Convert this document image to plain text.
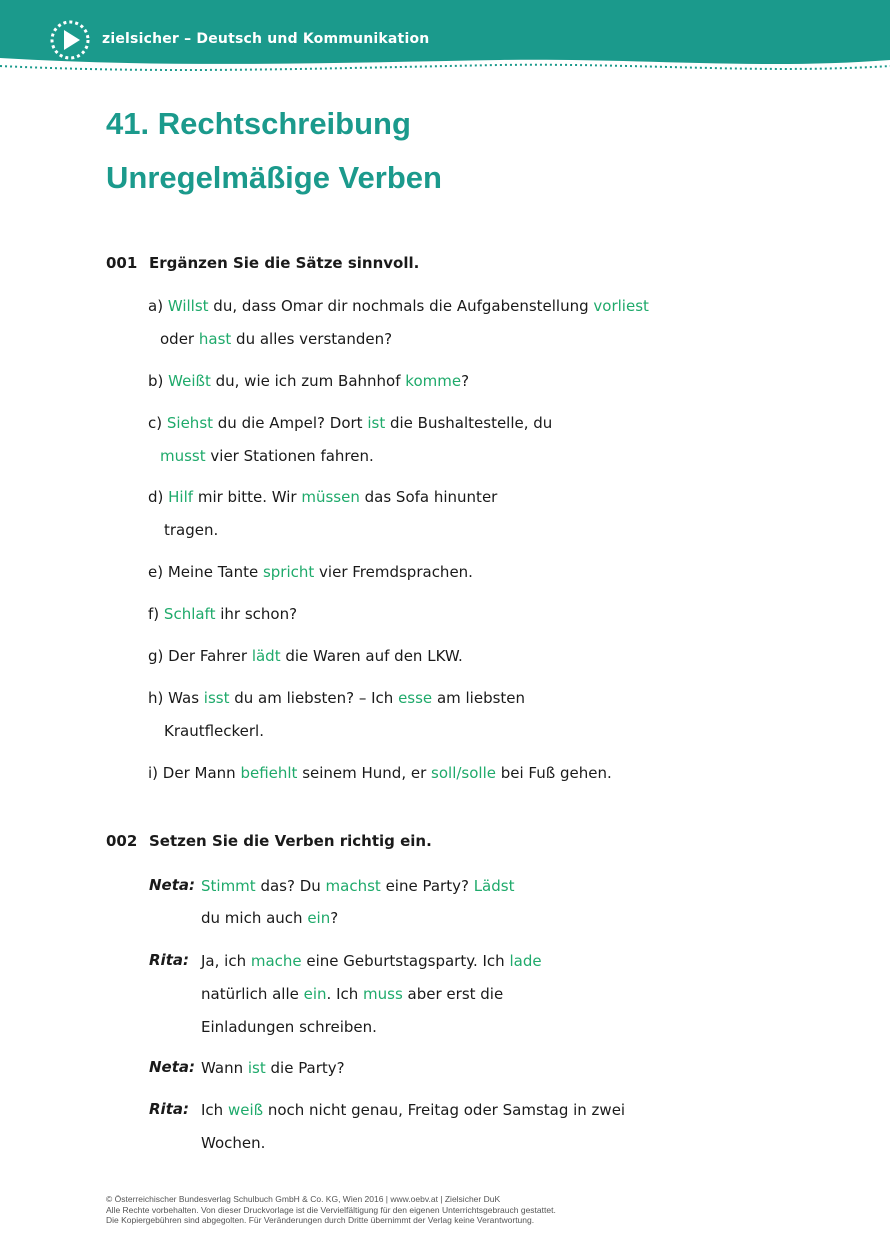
zielsicher – Deutsch und Kommunikation
41. Rechtschreibung
Unregelmäßige Verben
001 Ergänzen Sie die Sätze sinnvoll.
a) Willst du, dass Omar dir nochmals die Aufgabenstellung vorliest
oder hast du alles verstanden?
b) Weißt du, wie ich zum Bahnhof komme?
c) Siehst du die Ampel? Dort ist die Bushaltestelle, du
musst vier Stationen fahren.
d) Hilf mir bitte. Wir müssen das Sofa hinunter
tragen.
e) Meine Tante spricht vier Fremdsprachen.
f) Schlaft ihr schon?
g) Der Fahrer lädt die Waren auf den LKW.
h) Was isst du am liebsten? – Ich esse am liebsten
Krautfleckerl.
i) Der Mann befiehlt seinem Hund, er soll/solle bei Fuß gehen.
002 Setzen Sie die Verben richtig ein.
Neta: Stimmt das? Du machst eine Party? Lädst
du mich auch ein?
Rita: Ja, ich mache eine Geburtstagsparty. Ich lade
natürlich alle ein. Ich muss aber erst die
Einladungen schreiben.
Neta: Wann ist die Party?
Rita: Ich weiß noch nicht genau, Freitag oder Samstag in zwei
Wochen.
© Österreichischer Bundesverlag Schulbuch GmbH & Co. KG, Wien 2016 | www.oebv.at | Zielsicher DuK
Alle Rechte vorbehalten. Von dieser Druckvorlage ist die Vervielfältigung für den eigenen Unterrichtsgebrauch gestattet.
Die Kopiergebühren sind abgegolten. Für Veränderungen durch Dritte übernimmt der Verlag keine Verantwortung.
